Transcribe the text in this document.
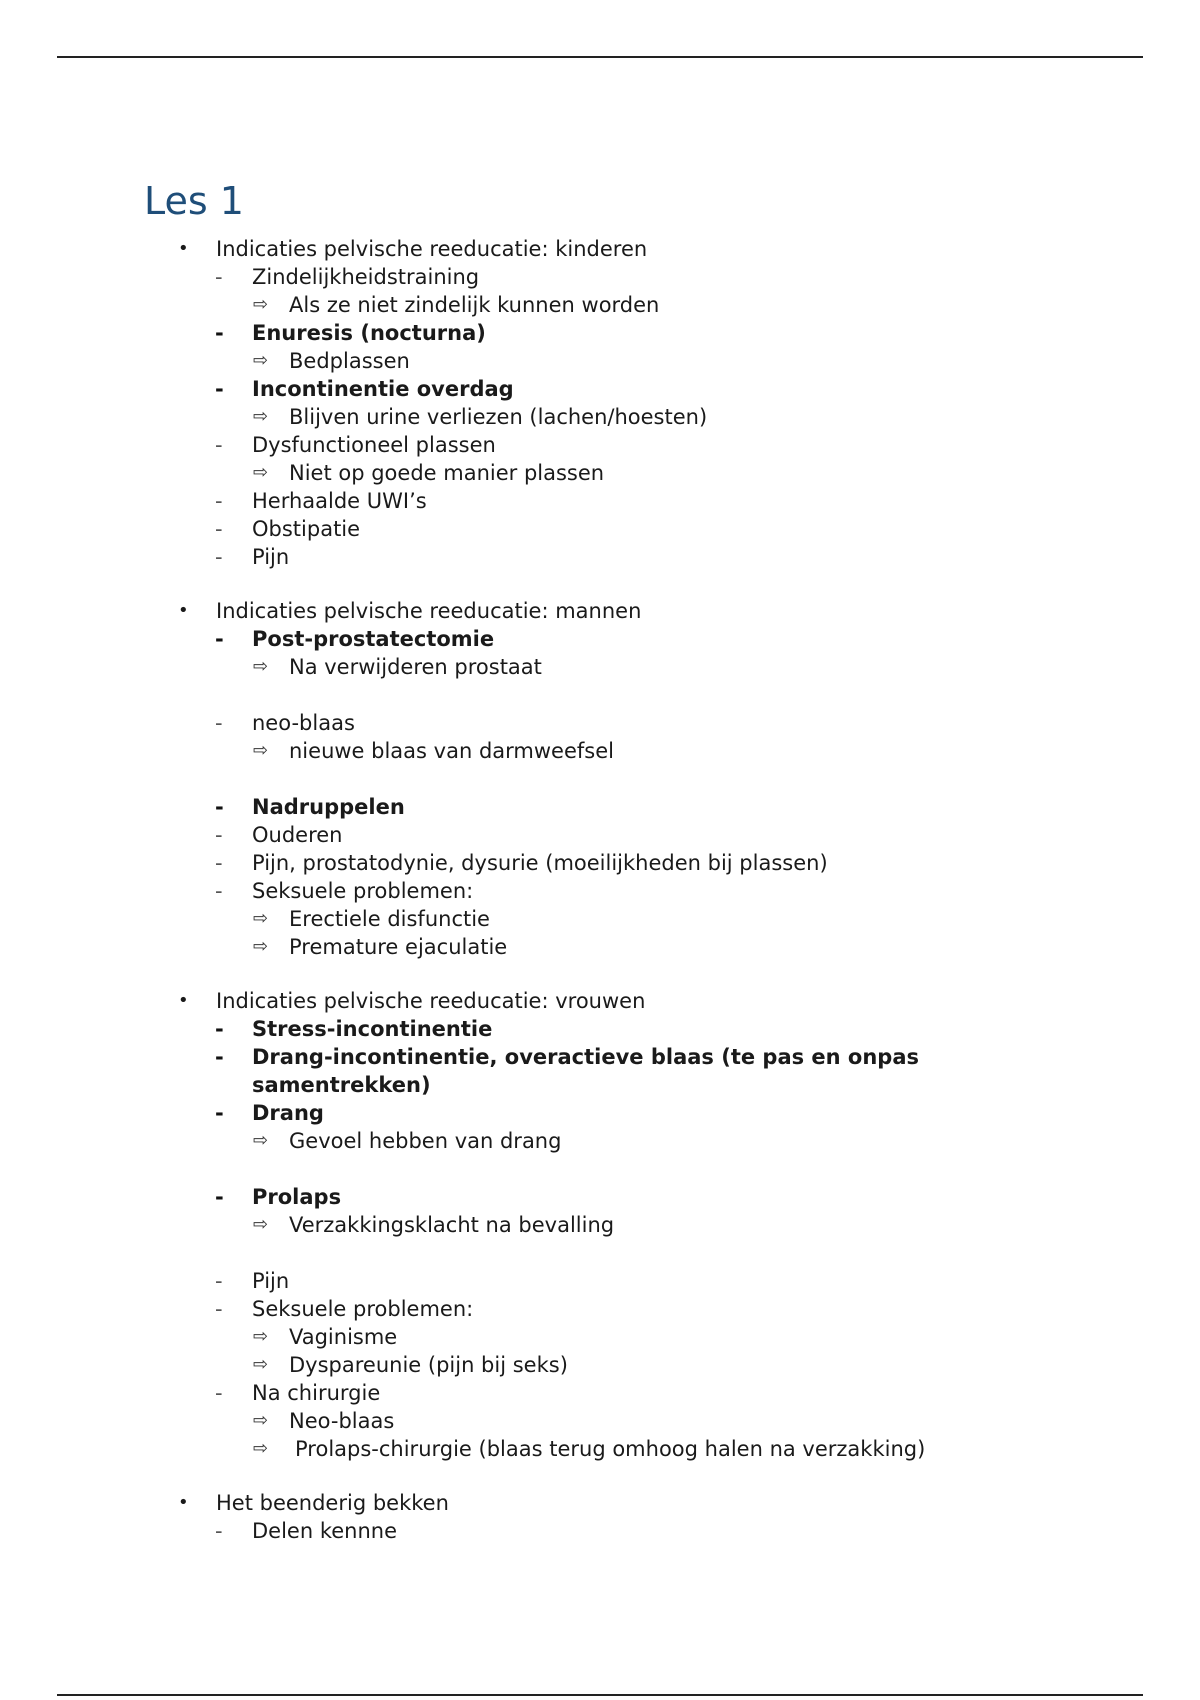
Les 1
• Indicaties pelvische reeducatie: kinderen
- Zindelijkheidstraining
⇨ Als ze niet zindelijk kunnen worden
- Enuresis (nocturna)
⇨ Bedplassen
- Incontinentie overdag
⇨ Blijven urine verliezen (lachen/hoesten)
- Dysfunctioneel plassen
⇨ Niet op goede manier plassen
- Herhaalde UWI’s
- Obstipatie
- Pijn
• Indicaties pelvische reeducatie: mannen
- Post-prostatectomie
⇨ Na verwijderen prostaat
- neo-blaas
⇨ nieuwe blaas van darmweefsel
- Nadruppelen
- Ouderen
- Pijn, prostatodynie, dysurie (moeilijkheden bij plassen)
- Seksuele problemen:
⇨ Erectiele disfunctie
⇨ Premature ejaculatie
• Indicaties pelvische reeducatie: vrouwen
- Stress-incontinentie
- Drang-incontinentie, overactieve blaas (te pas en onpas samentrekken)
- Drang
⇨ Gevoel hebben van drang
- Prolaps
⇨ Verzakkingsklacht na bevalling
- Pijn
- Seksuele problemen:
⇨ Vaginisme
⇨ Dyspareunie (pijn bij seks)
- Na chirurgie
⇨ Neo-blaas
⇨ Prolaps-chirurgie (blaas terug omhoog halen na verzakking)
• Het beenderig bekken
- Delen kennne
